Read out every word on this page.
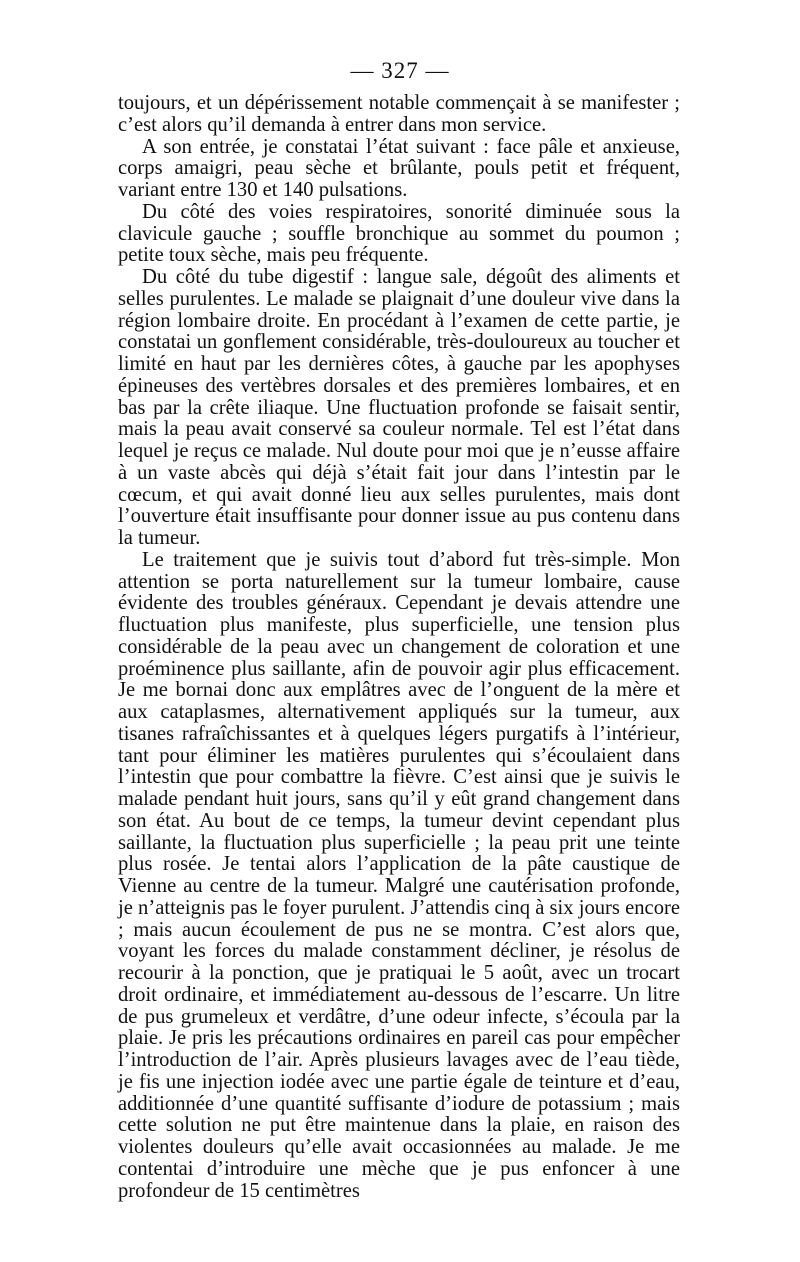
— 327 —

toujours, et un dépérissement notable commençait à se manifester ; c’est alors qu’il demanda à entrer dans mon service.

A son entrée, je constatai l’état suivant : face pâle et anxieuse, corps amaigri, peau sèche et brûlante, pouls petit et fréquent, variant entre 130 et 140 pulsations.

Du côté des voies respiratoires, sonorité diminuée sous la clavicule gauche ; souffle bronchique au sommet du poumon ; petite toux sèche, mais peu fréquente.

Du côté du tube digestif : langue sale, dégoût des aliments et selles purulentes. Le malade se plaignait d’une douleur vive dans la région lombaire droite. En procédant à l’examen de cette partie, je constatai un gonflement considérable, très-douloureux au toucher et limité en haut par les dernières côtes, à gauche par les apophyses épineuses des vertèbres dorsales et des premières lombaires, et en bas par la crête iliaque. Une fluctuation profonde se faisait sentir, mais la peau avait conservé sa couleur normale. Tel est l’état dans lequel je reçus ce malade. Nul doute pour moi que je n’eusse affaire à un vaste abcès qui déjà s’était fait jour dans l’intestin par le cœcum, et qui avait donné lieu aux selles purulentes, mais dont l’ouverture était insuffisante pour donner issue au pus contenu dans la tumeur.

Le traitement que je suivis tout d’abord fut très-simple. Mon attention se porta naturellement sur la tumeur lombaire, cause évidente des troubles généraux. Cependant je devais attendre une fluctuation plus manifeste, plus superficielle, une tension plus considérable de la peau avec un changement de coloration et une proéminence plus saillante, afin de pouvoir agir plus efficacement. Je me bornai donc aux emplâtres avec de l’onguent de la mère et aux cataplasmes, alternativement appliqués sur la tumeur, aux tisanes rafraîchissantes et à quelques légers purgatifs à l’intérieur, tant pour éliminer les matières purulentes qui s’écoulaient dans l’intestin que pour combattre la fièvre. C’est ainsi que je suivis le malade pendant huit jours, sans qu’il y eût grand changement dans son état. Au bout de ce temps, la tumeur devint cependant plus saillante, la fluctuation plus superficielle ; la peau prit une teinte plus rosée. Je tentai alors l’application de la pâte caustique de Vienne au centre de la tumeur. Malgré une cautérisation profonde, je n’atteignis pas le foyer purulent. J’attendis cinq à six jours encore ; mais aucun écoulement de pus ne se montra. C’est alors que, voyant les forces du malade constamment décliner, je résolus de recourir à la ponction, que je pratiquai le 5 août, avec un trocart droit ordinaire, et immédiatement au-dessous de l’escarre. Un litre de pus grumeleux et verdâtre, d’une odeur infecte, s’écoula par la plaie. Je pris les précautions ordinaires en pareil cas pour empêcher l’introduction de l’air. Après plusieurs lavages avec de l’eau tiède, je fis une injection iodée avec une partie égale de teinture et d’eau, additionnée d’une quantité suffisante d’iodure de potassium ; mais cette solution ne put être maintenue dans la plaie, en raison des violentes douleurs qu’elle avait occasionnées au malade. Je me contentai d’introduire une mèche que je pus enfoncer à une profondeur de 15 centimètres
